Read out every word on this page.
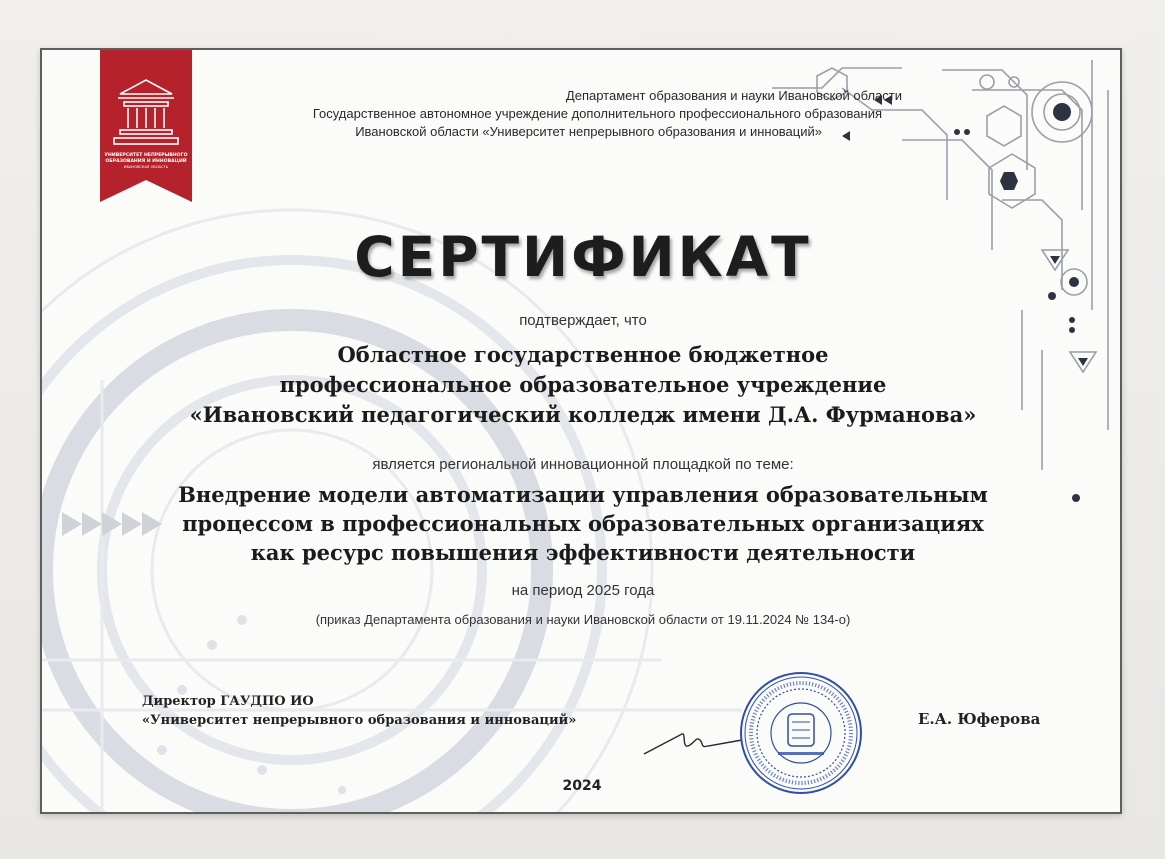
УНИВЕРСИТЕТ НЕПРЕРЫВНОГО
ОБРАЗОВАНИЯ И ИННОВАЦИЙ
ИВАНОВСКАЯ ОБЛАСТЬ
Департамент образования и науки Ивановской области
Государственное автономное учреждение дополнительного профессионального образования
Ивановской области «Университет непрерывного образования и инноваций»
СЕРТИФИКАТ
подтверждает, что
Областное государственное бюджетное
профессиональное образовательное учреждение
«Ивановский педагогический колледж имени Д.А. Фурманова»
является региональной инновационной площадкой по теме:
Внедрение модели автоматизации управления образовательным
процессом в профессиональных образовательных организациях
как ресурс повышения эффективности деятельности
на период 2025 года
(приказ Департамента образования и науки Ивановской области от 19.11.2024 № 134-о)
Директор ГАУДПО ИО
«Университет непрерывного образования и инноваций»	Е.А. Юферова
2024
